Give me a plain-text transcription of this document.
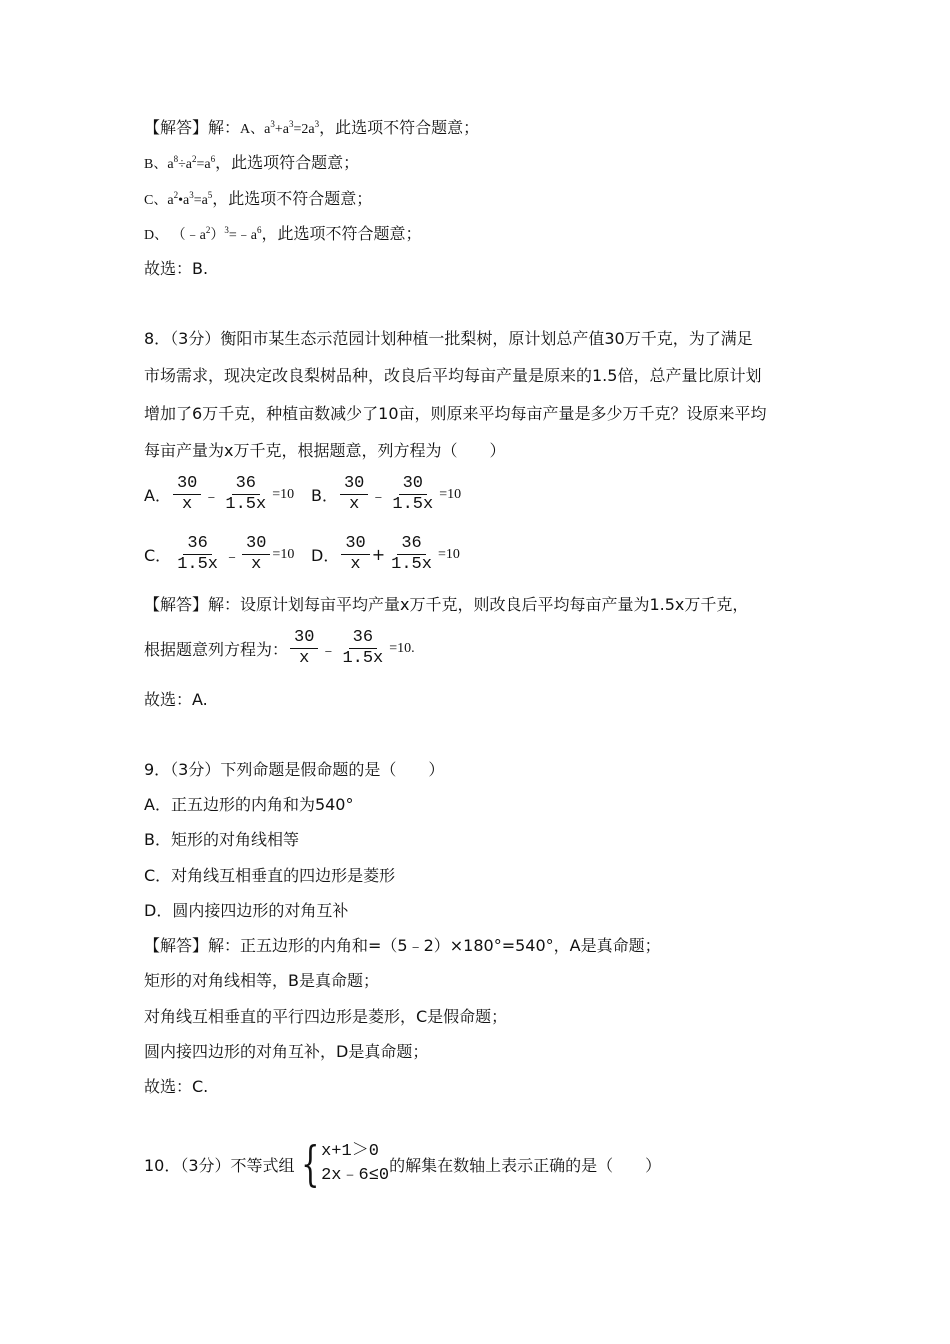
【解答】解：A、$a^3+a^3=2a^3$，此选项不符合题意；
B、$a^8\div a^2=a^6$，此选项符合题意；
C、$a^2•a^3=a^5$，此选项不符合题意；
D、 $(﹣a^2)^3=﹣a^6$，此选项不符合题意；
故选：B.
8．（3分）衡阳市某生态示范园计划种植一批梨树，原计划总产值30万千克，为了满足
市场需求，现决定改良梨树品种，改良后平均每亩产量是原来的1.5倍，总产量比原计划
增加了6万千克，种植亩数减少了10亩，则原来平均每亩产量是多少万千克？设原来平均
每亩产量为x万千克，根据题意，列方程为（　　）
A． $\frac{30}{x}$ ﹣ $\frac{36}{1.5x} =10$ B． $\frac{30}{x}$ ﹣ $\frac{30}{1.5x} =10$
C． $\frac{36}{1.5x}$ ﹣ $\frac{30}{x} =10$ D． $\frac{30}{x} + \frac{36}{1.5x} =10$
【解答】解：设原计划每亩平均产量x万千克，则改良后平均每亩产量为1.5x万千克，
根据题意列方程为： $\frac{30}{x}$ ﹣ $\frac{36}{1.5x} =10$.
故选：A.
9．（3分）下列命题是假命题的是（　　）
A．正五边形的内角和为540°
B．矩形的对角线相等
C．对角线互相垂直的四边形是菱形
D．圆内接四边形的对角互补
【解答】解：正五边形的内角和=（5﹣2）×180°=540°，A是真命题；
矩形的对角线相等，B是真命题；
对角线互相垂直的平行四边形是菱形，C是假命题；
圆内接四边形的对角互补，D是真命题；
故选：C.
10．（3分）不等式组 { x+1＞0
2x﹣6≤0
的解集在数轴上表示正确的是（　　）
